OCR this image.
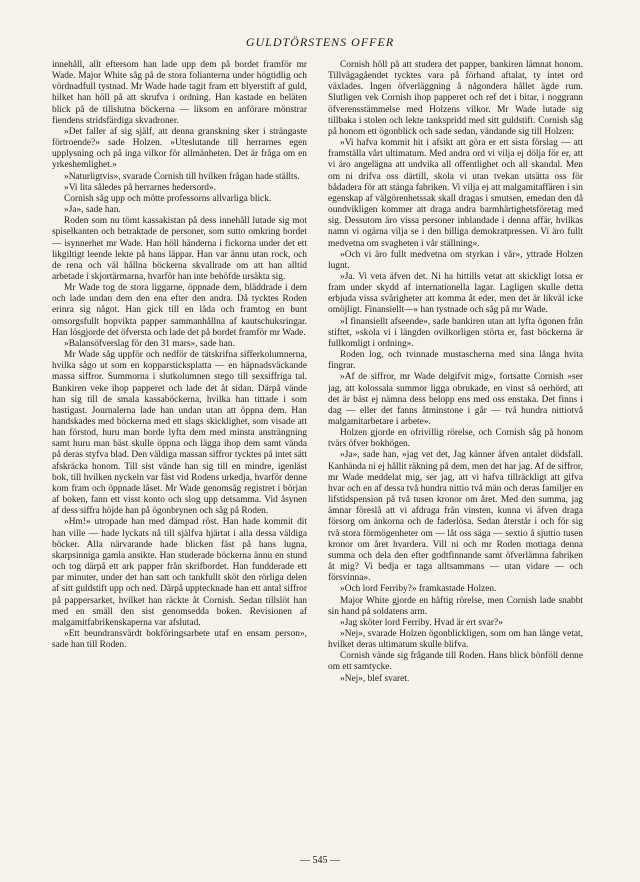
GULDTÖRSTENS OFFER

innehåll, allt eftersom han lade upp dem på bordet framför mr Wade. Major White såg på de stora folianterna under högtidlig och vördnadfull tystnad. Mr Wade hade tagit fram ett blyerstift af guld, hilket han höll på att skrufva i ordning. Han kastade en beläten blick på de tillslutna böckerna — liksom en anförare mönstrar fiendens stridsfärdiga skvadroner.

»Det faller af sig själf, att denna granskning sker i strängaste förtroende?» sade Holzen. »Uteslutande till herrarnes egen upplysning och på inga vilkor för allmänheten. Det är fråga om en yrkeshemlighet.»

»Naturligtvis», svarade Cornish till hvilken frågan hade ställts.

»Vi lita således på herrarnes hedersord».

Cornish såg upp och mötte professorns allvarliga blick.

»Ja», sade han.

Roden som nu tömt kassakistan på dess innehåll lutade sig mot spiselkanten och betraktade de personer, som sutto omkring bordet — isynnerhet mr Wade. Han höll händerna i fickorna under det ett likgiltigt leende lekte på hans läppar. Han var ännu utan rock, och de rena och väl hållna böckerna skvallrade om att han alltid arbetade i skjortärmarna, hvarför han inte behöfde ursäkta sig.

Mr Wade tog de stora liggarne, öppnade dem, bläddrade i dem och lade undan dem den ena efter den andra. Då tycktes Roden erinra sig något. Han gick till en låda och framtog en bunt omsorgsfullt hopvikta papper sammanhållna af kautschuksringar. Han lösgjorde det öfversta och lade det på bordet framför mr Wade.

»Balansöfverslag för den 31 mars», sade han.

Mr Wade såg uppför och nedför de tätskrifna sifferkolumnerna, hvilka sågo ut som en kopparsticksplatta — en häpnadsväckande massa siffror. Summorna i slutkolumnen stego till sexsiffriga tal. Bankiren veke ihop papperet och lade det åt sidan. Därpå vände han sig till de smala kassaböckerna, hvilka han tittade i som hastigast. Journalerna lade han undan utan att öppna dem. Han handskades med böckerna med ett slags skicklighet, som visade att han förstod, huru man borde lyfta dem med minsta ansträngning samt huru man bäst skulle öppna och lägga ihop dem samt vända på deras styfva blad. Den väldiga massan siffror tycktes på intet sätt afskräcka honom. Till sist vände han sig till en mindre, igenläst bok, till hvilken nyckeln var fäst vid Rodens urkedja, hvarför denne kom fram och öppnade låset. Mr Wade genomsåg registret i början af boken, fann ett visst konto och slog upp detsamma. Vid åsynen af dess siffra höjde han på ögonbrynen och såg på Roden.

»Hm!» utropade han med dämpad röst. Han hade kommit dit han ville — hade lyckats nå till själfva hjärtat i alla dessa väldiga böcker. Alla närvarande hade blicken fäst på hans lugna, skarpsinniga gamla ansikte. Han studerade böckerna ännu en stund och tog därpå ett ark papper från skrifbordet. Han fundderade ett par minuter, under det han satt och tankfullt sköt den rörliga delen af sitt guldstift upp och ned. Därpå upptecknade han ett antal siffror på pappersarket, hvilket han räckte åt Cornish. Sedan tillslöt han med en smäll den sist genomsedda boken. Revisionen af malgamitfabrikenskaperna var afslutad.

»Ett beundransvärdt bokföringsarbete utaf en ensam person», sade han till Roden.

Cornish höll på att studera det papper, bankiren lämnat honom. Tillvägagåendet tycktes vara på förhand aftalat, ty intet ord växlades. Ingen öfverläggning å någondera hållet ägde rum. Slutligen vek Cornish ihop papperet och ref det i bitar, i noggrann öfverensstämmelse med Holzens vilkor. Mr Wade lutade sig tillbaka i stolen och lekte tankspridd med sitt guldstift. Cornish såg på honom ett ögonblick och sade sedan, vändande sig till Holzen:

»Vi hafva kommit hit i afsikt att göra er ett sista förslag — att framställa vårt ultimatum. Med andra ord vi vilja ej dölja för er, att vi äro angelägna att undvika all offentlighet och all skandal. Men om ni drifva oss därtill, skola vi utan tvekan utsätta oss för bådadera för att stänga fabriken. Vi vilja ej att malgamitaffären i sin egenskap af välgörenhetssak skall dragas i smutsen, emedan den då oundvikligen kommer att draga andra barmhärtighetsföretag med sig. Dessutom äro vissa personer inblandade i denna affär, hvilkas namn vi ogärna vilja se i den billiga demokratpressen. Vi äro fullt medvetna om svagheten i vår ställning».

»Och vi äro fullt medvetna om styrkan i vår», yttrade Holzen lugnt.

»Ja. Vi veta äfven det. Ni ha hittills vetat att skickligt lotsa er fram under skydd af internationella lagar. Lagligen skulle detta erbjuda vissa svårigheter att komma åt eder, men det är likväl icke omöjligt. Finansiellt—» han tystnade och såg på mr Wade.

»I finansiellt afseende», sade bankiren utan att lyfta ögonen från stiftet, »skola vi i längden ovilkorligen störta er, fast böckerna är fullkomligt i ordning».

Roden log, och tvinnade mustascherna med sina långa hvita fingrar.

»Af de siffror, mr Wade delgifvit mig», fortsatte Cornish »ser jag, att kolossala summor ligga obrukade, en vinst så oerhörd, att det är bäst ej nämna dess belopp ens med oss enstaka. Det finns i dag — eller det fanns åtminstone i går — två hundra nittiotvå malgamitarbetare i arbete».

Holzen gjorde en ofrivillig rörelse, och Cornish såg på honom tvärs öfver bokhögen.

»Ja», sade han, »jag vet det, Jag känner äfven antalet dödsfall. Kanhända ni ej hållit räkning på dem, men det har jag. Af de siffror, mr Wade meddelat mig, ser jag, att vi hafva tillräckligt att gifva hvar och en af dessa två hundra nittio två män och deras familjer en lifstidspension på två tusen kronor om året. Med den summa, jag ämnar föreslå att vi afdraga från vinsten, kunna vi äfven draga försorg om änkorna och de faderlösa. Sedan återstår i och för sig två stora förmögenheter om — låt oss säga — sextio å sjuttio tusen kronor om året hvardera. Vill ni och mr Roden mottaga denna summa och dela den efter godtfinnande samt öfverlämna fabriken åt mig? Vi bedja er taga alltsammans — utan vidare — och försvinna».

»Och lord Ferriby?» framkastade Holzen.

Major White gjorde en häftig rörelse, men Cornish lade snabbt sin hand på soldatens arm.

»Jag sköter lord Ferriby. Hvad är ert svar?»

»Nej», svarade Holzen ögonblickligen, som om han länge vetat, hvilket deras ultimatum skulle blifva.

Cornish vände sig frågande till Roden. Hans blick bönföll denne om ett samtycke.

»Nej», blef svaret.

— 545 —
